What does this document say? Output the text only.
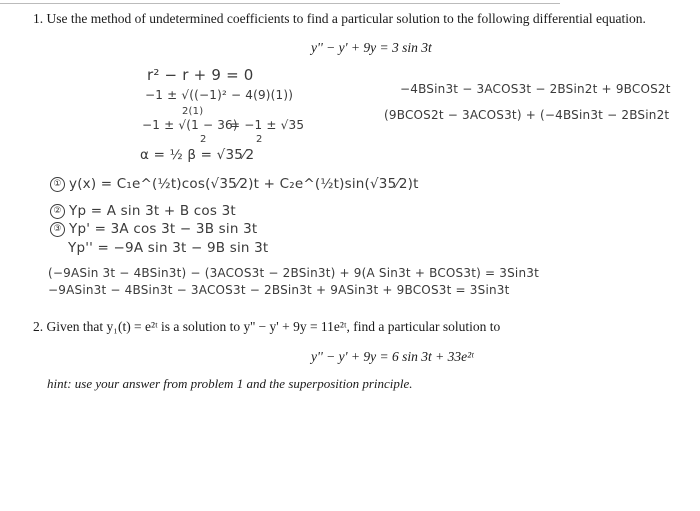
1. Use the method of undetermined coefficients to find a particular solution to the following differential equation.
y'' − y' + 9y = 3 sin 3t
r² − r + 9 = 0
−1 ± √((−1)² − 4(9)(1))
2(1)
−1 ± √(1 − 36)
= −1 ± √35
2	2
α = ½ β = √35⁄2
① y(x) = C₁e^(½t)cos(√35⁄2)t + C₂e^(½t)sin(√35⁄2)t
② Yp = A sin 3t + B cos 3t
③ Yp' = 3A cos 3t − 3B sin 3t
Yp'' = −9A sin 3t − 9B sin 3t
−4BSin3t − 3ACOS3t − 2BSin2t + 9BCOS2t
(9BCOS2t − 3ACOS3t) + (−4BSin3t − 2BSin2t
(−9ASin 3t − 4BSin3t) − (3ACOS3t − 2BSin3t) + 9(A Sin3t + BCOS3t) = 3Sin3t
−9ASin3t − 4BSin3t − 3ACOS3t − 2BSin3t + 9ASin3t + 9BCOS3t = 3Sin3t
2. Given that y₁(t) = e²ᵗ is a solution to y'' − y' + 9y = 11e²ᵗ, find a particular solution to
y'' − y' + 9y = 6 sin 3t + 33e²ᵗ
hint: use your answer from problem 1 and the superposition principle.
